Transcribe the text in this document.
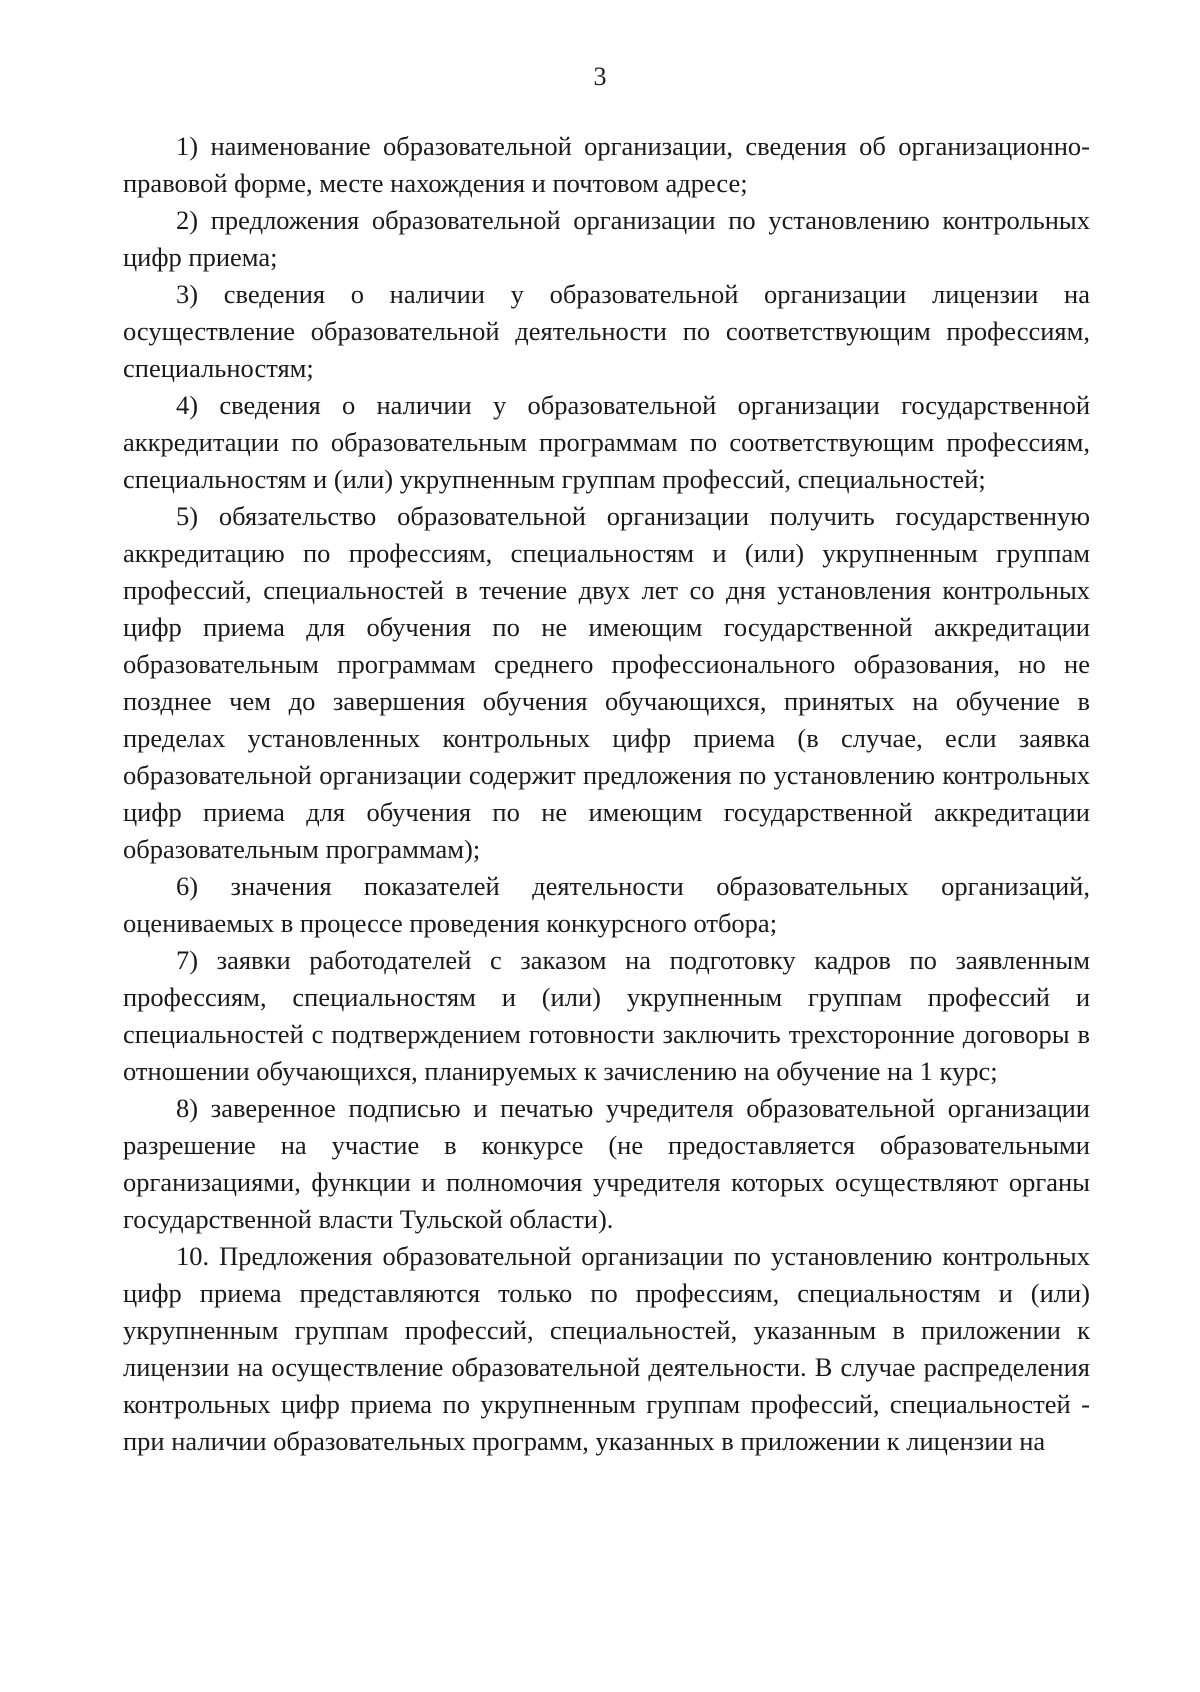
3

1) наименование образовательной организации, сведения об организационно-правовой форме, месте нахождения и почтовом адресе;

2) предложения образовательной организации по установлению контрольных цифр приема;

3) сведения о наличии у образовательной организации лицензии на осуществление образовательной деятельности по соответствующим профессиям, специальностям;

4) сведения о наличии у образовательной организации государственной аккредитации по образовательным программам по соответствующим профессиям, специальностям и (или) укрупненным группам профессий, специальностей;

5) обязательство образовательной организации получить государственную аккредитацию по профессиям, специальностям и (или) укрупненным группам профессий, специальностей в течение двух лет со дня установления контрольных цифр приема для обучения по не имеющим государственной аккредитации образовательным программам среднего профессионального образования, но не позднее чем до завершения обучения обучающихся, принятых на обучение в пределах установленных контрольных цифр приема (в случае, если заявка образовательной организации содержит предложения по установлению контрольных цифр приема для обучения по не имеющим государственной аккредитации образовательным программам);

6) значения показателей деятельности образовательных организаций, оцениваемых в процессе проведения конкурсного отбора;

7) заявки работодателей с заказом на подготовку кадров по заявленным профессиям, специальностям и (или) укрупненным группам профессий и специальностей с подтверждением готовности заключить трехсторонние договоры в отношении обучающихся, планируемых к зачислению на обучение на 1 курс;

8) заверенное подписью и печатью учредителя образовательной организации разрешение на участие в конкурсе (не предоставляется образовательными организациями, функции и полномочия учредителя которых осуществляют органы государственной власти Тульской области).

10. Предложения образовательной организации по установлению контрольных цифр приема представляются только по профессиям, специальностям и (или) укрупненным группам профессий, специальностей, указанным в приложении к лицензии на осуществление образовательной деятельности. В случае распределения контрольных цифр приема по укрупненным группам профессий, специальностей - при наличии образовательных программ, указанных в приложении к лицензии на
